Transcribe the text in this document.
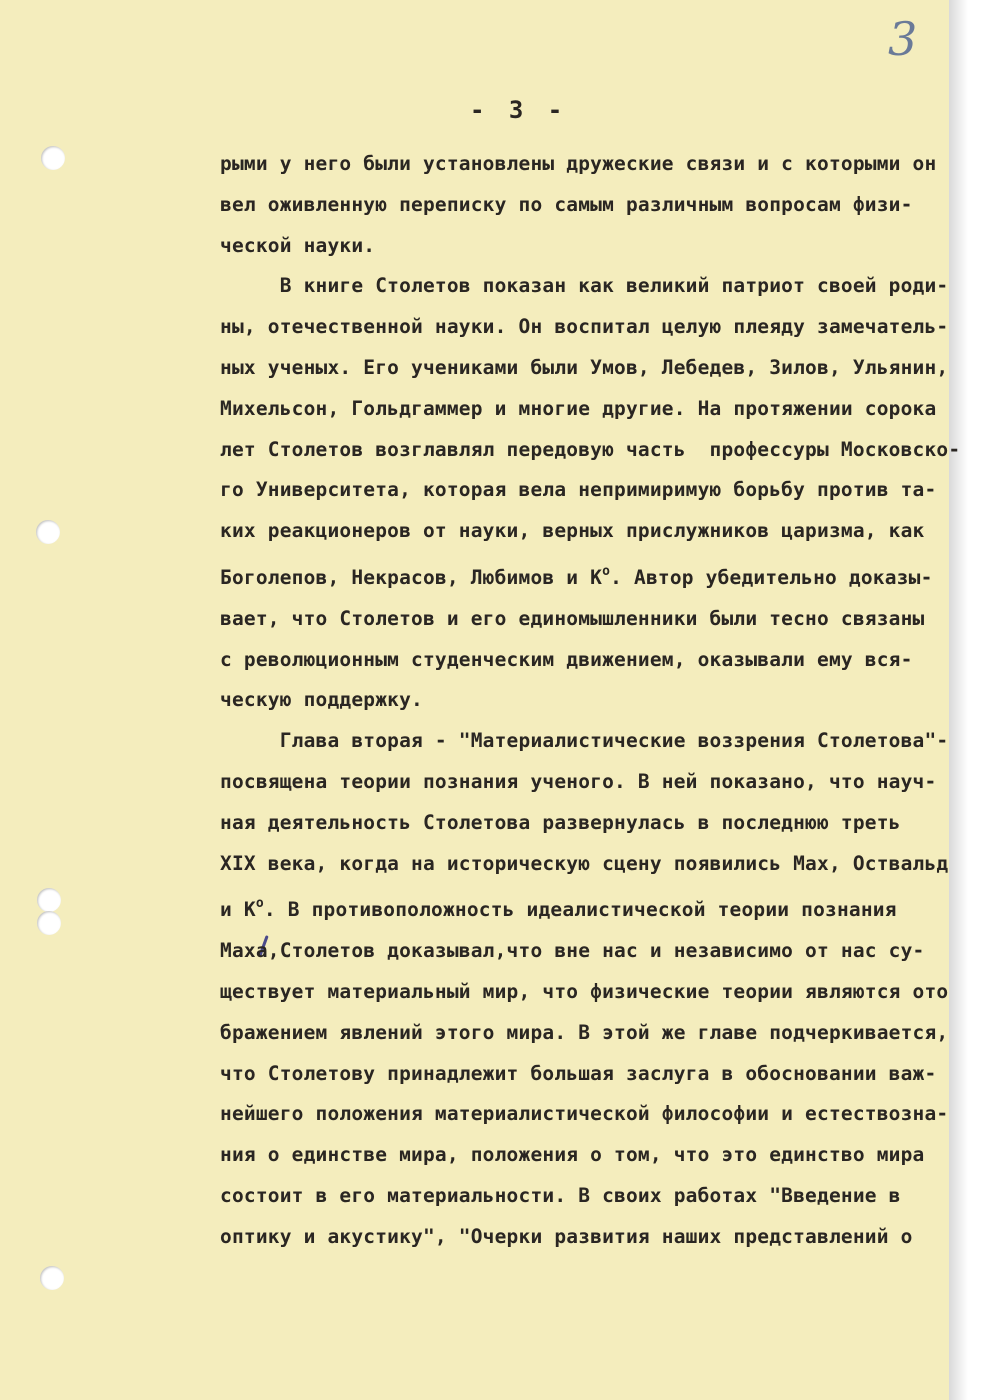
3
- 3 -
рыми у него были установлены дружеские связи и с которыми он
вел оживленную переписку по самым различным вопросам физи-
ческой науки.
В книге Столетов показан как великий патриот своей роди-
ны, отечественной науки. Он воспитал целую плеяду замечатель-
ных ученых. Его учениками были Умов, Лебедев, Зилов, Ульянин,
Михельсон, Гольдгаммер и многие другие. На протяжении сорока
лет Столетов возглавлял передовую часть  профессуры Московско-
го Университета, которая вела непримиримую борьбу против та-
ких реакционеров от науки, верных прислужников царизма, как
Боголепов, Некрасов, Любимов и $К^о$. Автор убедительно доказы-
вает, что Столетов и его единомышленники были тесно связаны
с революционным студенческим движением, оказывали ему вся-
ческую поддержку.
Глава вторая - "Материалистические воззрения Столетова"-
посвящена теории познания ученого. В ней показано, что науч-
ная деятельность Столетова развернулась в последнюю треть
XIX века, когда на историческую сцену появились Мах, Оствальд
и $К^о$. В противоположность идеалистической теории познания
Маха,Столетов доказывал,что вне нас и независимо от нас су-
ществует материальный мир, что физические теории являются ото
бражением явлений этого мира. В этой же главе подчеркивается,
что Столетову принадлежит большая заслуга в обосновании важ-
нейшего положения материалистической философии и естествозна-
ния о единстве мира, положения о том, что это единство мира
состоит в его материальности. В своих работах "Введение в
оптику и акустику", "Очерки развития наших представлений о
